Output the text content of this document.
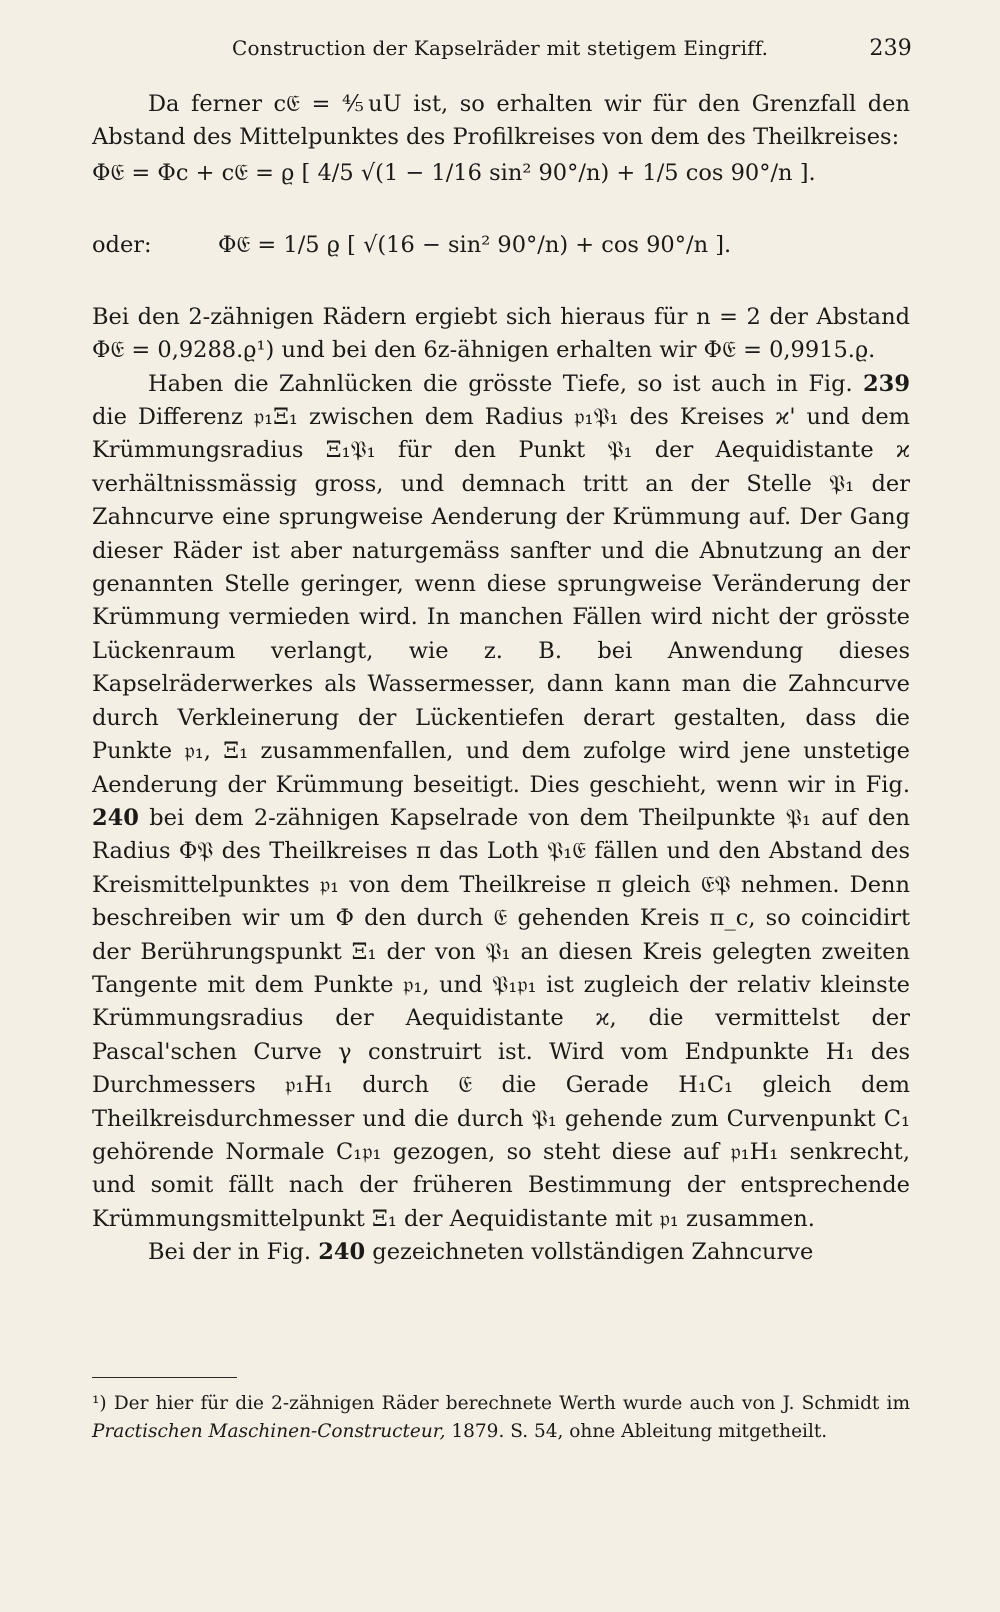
Construction der Kapselräder mit stetigem Eingriff.	239

Da ferner c𝔈 = ⅘uU ist, so erhalten wir für den Grenzfall den Abstand des Mittelpunktes des Profilkreises von dem des Theilkreises:

Φ𝔈 = Φc + c𝔈 = ϱ [ 4/5 √(1 − 1/16 sin² 90°/n) + 1/5 cos 90°/n ].
oder:	Φ𝔈 = 1/5 ϱ [ √(16 − sin² 90°/n) + cos 90°/n ].

Bei den 2-zähnigen Rädern ergiebt sich hieraus für n = 2 der Abstand Φ𝔈 = 0,9288.ϱ¹) und bei den 6z-ähnigen erhalten wir Φ𝔈 = 0,9915.ϱ.

Haben die Zahnlücken die grösste Tiefe, so ist auch in Fig. 239 die Differenz 𝔭₁Ξ₁ zwischen dem Radius 𝔭₁𝔓₁ des Kreises ϰ' und dem Krümmungsradius Ξ₁𝔓₁ für den Punkt 𝔓₁ der Aequidistante ϰ verhältnissmässig gross, und demnach tritt an der Stelle 𝔓₁ der Zahncurve eine sprungweise Aenderung der Krümmung auf. Der Gang dieser Räder ist aber naturgemäss sanfter und die Abnutzung an der genannten Stelle geringer, wenn diese sprungweise Veränderung der Krümmung vermieden wird. In manchen Fällen wird nicht der grösste Lückenraum verlangt, wie z. B. bei Anwendung dieses Kapselräderwerkes als Wassermesser, dann kann man die Zahncurve durch Verkleinerung der Lückentiefen derart gestalten, dass die Punkte 𝔭₁, Ξ₁ zusammenfallen, und dem zufolge wird jene unstetige Aenderung der Krümmung beseitigt. Dies geschieht, wenn wir in Fig. 240 bei dem 2-zähnigen Kapselrade von dem Theilpunkte 𝔓₁ auf den Radius Φ𝔓 des Theilkreises π das Loth 𝔓₁𝔈 fällen und den Abstand des Kreismittelpunktes 𝔭₁ von dem Theilkreise π gleich 𝔈𝔓 nehmen. Denn beschreiben wir um Φ den durch 𝔈 gehenden Kreis π_c, so coincidirt der Berührungspunkt Ξ₁ der von 𝔓₁ an diesen Kreis gelegten zweiten Tangente mit dem Punkte 𝔭₁, und 𝔓₁𝔭₁ ist zugleich der relativ kleinste Krümmungsradius der Aequidistante ϰ, die vermittelst der Pascal'schen Curve γ construirt ist. Wird vom Endpunkte H₁ des Durchmessers 𝔭₁H₁ durch 𝔈 die Gerade H₁C₁ gleich dem Theilkreisdurchmesser und die durch 𝔓₁ gehende zum Curvenpunkt C₁ gehörende Normale C₁𝔭₁ gezogen, so steht diese auf 𝔭₁H₁ senkrecht, und somit fällt nach der früheren Bestimmung der entsprechende Krümmungsmittelpunkt Ξ₁ der Aequidistante mit 𝔭₁ zusammen.

Bei der in Fig. 240 gezeichneten vollständigen Zahncurve

¹) Der hier für die 2-zähnigen Räder berechnete Werth wurde auch von J. Schmidt im Practischen Maschinen-Constructeur, 1879. S. 54, ohne Ableitung mitgetheilt.
